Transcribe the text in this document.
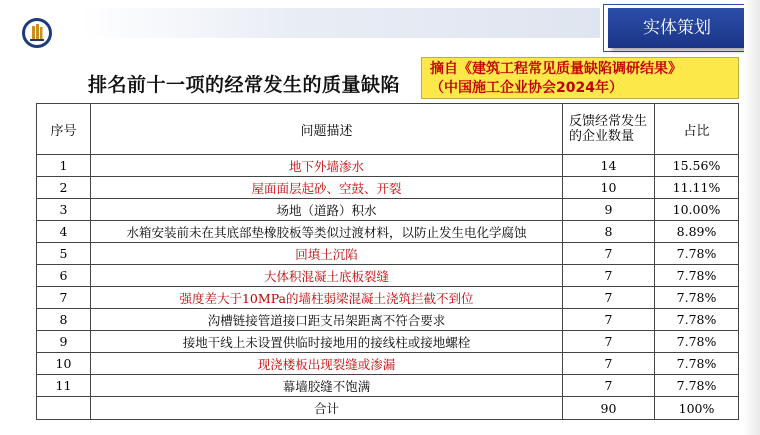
实体策划
排名前十一项的经常发生的质量缺陷
摘自《建筑工程常见质量缺陷调研结果》
（中国施工企业协会2024年）
序号	问题描述	反馈经常发生 的企业数量	占比
1	地下外墙渗水	14	15.56%
2	屋面面层起砂、空鼓、开裂	10	11.11%
3	场地（道路）积水	9	10.00%
4	水箱安装前未在其底部垫橡胶板等类似过渡材料，以防止发生电化学腐蚀	8	8.89%
5	回填土沉陷	7	7.78%
6	大体积混凝土底板裂缝	7	7.78%
7	强度差大于10MPa的墙柱弱梁混凝土浇筑拦截不到位	7	7.78%
8	沟槽链接管道接口距支吊架距离不符合要求	7	7.78%
9	接地干线上未设置供临时接地用的接线柱或接地螺栓	7	7.78%
10	现浇楼板出现裂缝或渗漏	7	7.78%
11	幕墙胶缝不饱满	7	7.78%
	合计	90	100%
